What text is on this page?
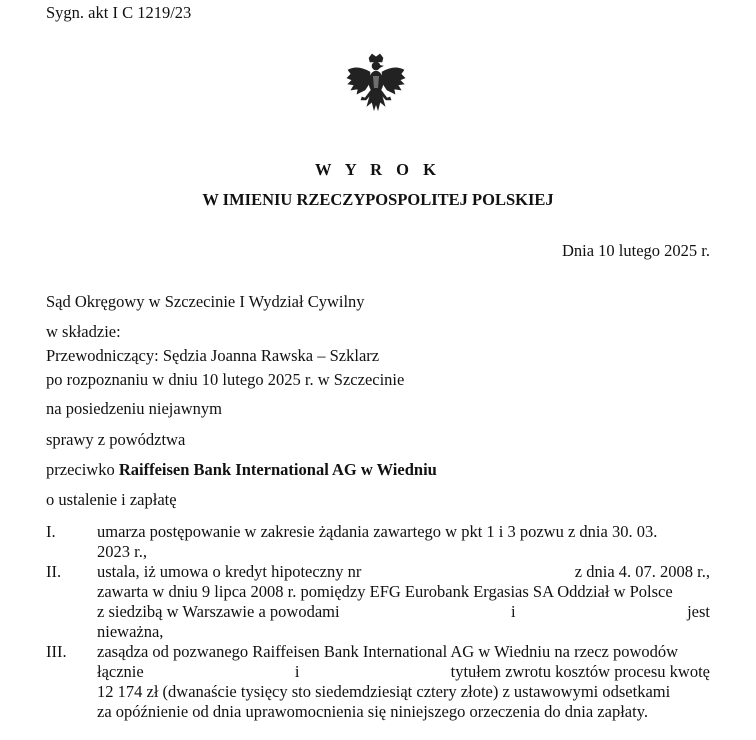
Sygn. akt I C 1219/23
W Y R O K
W IMIENIU RZECZYPOSPOLITEJ POLSKIEJ
Dnia 10 lutego 2025 r.
Sąd Okręgowy w Szczecinie I Wydział Cywilny
w składzie:
Przewodniczący: Sędzia Joanna Rawska – Szklarz
po rozpoznaniu w dniu 10 lutego 2025 r. w Szczecinie
na posiedzeniu niejawnym
sprawy z powództwa
przeciwko Raiffeisen Bank International AG w Wiedniu
o ustalenie i zapłatę
I.	umarza postępowanie w zakresie żądania zawartego w pkt 1 i 3 pozwu z dnia 30. 03.
2023 r.,
II. ustala, iż umowa o kredyt hipoteczny nr	z dnia 4. 07. 2008 r.,
zawarta w dniu 9 lipca 2008 r. pomiędzy EFG Eurobank Ergasias SA Oddział w Polsce
z siedzibą w Warszawie a powodami	i	jest
nieważna,
III. zasądza od pozwanego Raiffeisen Bank International AG w Wiedniu na rzecz powodów
łącznie	i	tytułem zwrotu kosztów procesu kwotę
12 174 zł (dwanaście tysięcy sto siedemdziesiąt cztery złote) z ustawowymi odsetkami
za opóźnienie od dnia uprawomocnienia się niniejszego orzeczenia do dnia zapłaty.
